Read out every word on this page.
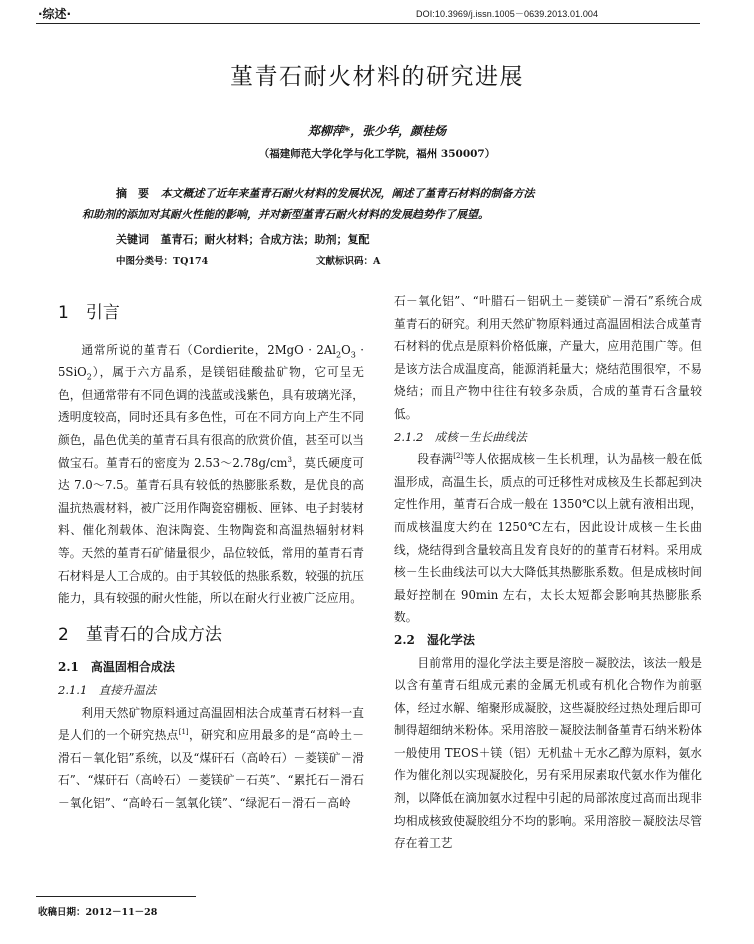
·综述·	DOI:10.3969/j.issn.1005－0639.2013.01.004
堇青石耐火材料的研究进展
郑柳萍*，张少华，颜桂炀
（福建师范大学化学与化工学院，福州 350007）
摘　要 本文概述了近年来堇青石耐火材料的发展状况，阐述了堇青石材料的制备方法
和助剂的添加对其耐火性能的影响，并对新型堇青石耐火材料的发展趋势作了展望。
关键词 堇青石；耐火材料；合成方法；助剂；复配
中图分类号：TQ174	文献标识码：A
1　引言

通常所说的堇青石（Cordierite，$2MgO \cdot 2Al_2O_3 \cdot 5SiO_2$），属于六方晶系，是镁铝硅酸盐矿物，它可呈无色，但通常带有不同色调的浅蓝或浅紫色，具有玻璃光泽，透明度较高，同时还具有多色性，可在不同方向上产生不同颜色，晶色优美的堇青石具有很高的欣赏价值，甚至可以当做宝石。堇青石的密度为 $2.53\sim 2.78g/cm^3$，莫氏硬度可达 7.0～7.5。堇青石具有较低的热膨胀系数，是优良的高温抗热震材料，被广泛用作陶瓷窑棚板、匣钵、电子封装材料、催化剂载体、泡沫陶瓷、生物陶瓷和高温热辐射材料等。天然的堇青石矿储量很少，品位较低，常用的堇青石青石材料是人工合成的。由于其较低的热胀系数，较强的抗压能力，具有较强的耐火性能，所以在耐火行业被广泛应用。

2　堇青石的合成方法
2.1　高温固相合成法
2.1.1　直接升温法

利用天然矿物原料通过高温固相法合成堇青石材料一直是人们的一个研究热点[1]，研究和应用最多的是“高岭土－滑石－氧化铝”系统，以及“煤矸石（高岭石）－菱镁矿－滑石”、“煤矸石（高岭石）－菱镁矿－石英”、“累托石－滑石－氧化铝”、“高岭石－氢氧化镁”、“绿泥石－滑石－高岭

石－氧化铝”、“叶腊石－铝矾土－菱镁矿－滑石”系统合成堇青石的研究。利用天然矿物原料通过高温固相法合成堇青石材料的优点是原料价格低廉，产量大，应用范围广等。但是该方法合成温度高，能源消耗量大；烧结范围很窄，不易烧结；而且产物中往往有较多杂质，合成的堇青石含量较低。

2.1.2　成核－生长曲线法

段春满[2]等人依据成核－生长机理，认为晶核一般在低温形成，高温生长，质点的可迁移性对成核及生长都起到决定性作用，堇青石合成一般在 1350℃以上就有液相出现，而成核温度大约在 1250℃左右，因此设计成核－生长曲线，烧结得到含量较高且发育良好的的堇青石材料。采用成核－生长曲线法可以大大降低其热膨胀系数。但是成核时间最好控制在 90min 左右，太长太短都会影响其热膨胀系数。

2.2　湿化学法

目前常用的湿化学法主要是溶胶－凝胶法，该法一般是以含有堇青石组成元素的金属无机或有机化合物作为前驱体，经过水解、缩聚形成凝胶，这些凝胶经过热处理后即可制得超细纳米粉体。采用溶胶－凝胶法制备堇青石纳米粉体一般使用 TEOS＋镁（铝）无机盐＋无水乙醇为原料，氨水作为催化剂以实现凝胶化，另有采用尿素取代氨水作为催化剂，以降低在滴加氨水过程中引起的局部浓度过高而出现非均相成核致使凝胶组分不均的影响。采用溶胶－凝胶法尽管存在着工艺

收稿日期：2012－11－28
